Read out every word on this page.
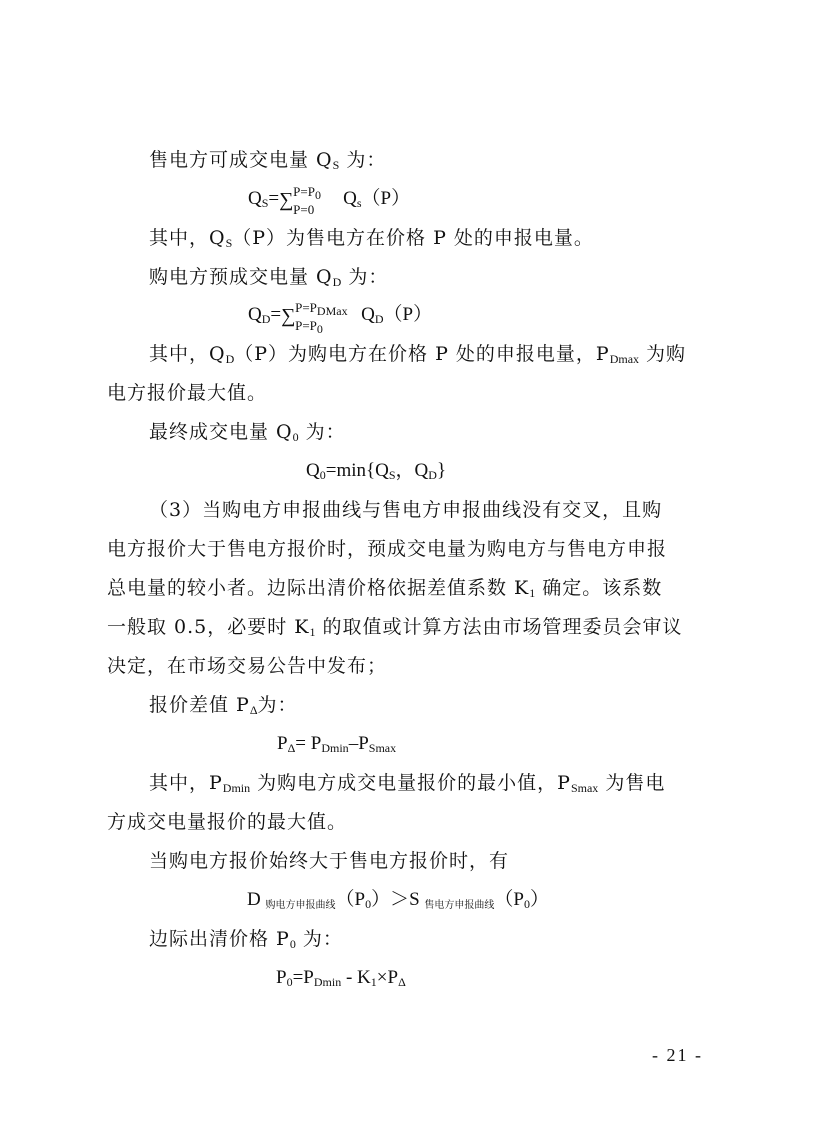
售电方可成交电量 $Q_S$ 为：
$Q_S=$ ∑ $P=P_0$
P=0
$Q_s(P)$
其中，$Q_S(P)$为售电方在价格 P 处的申报电量。
购电方预成交电量 $Q_D$ 为：
$Q_D=$ ∑ $P=P_{DMax}$
$P=P_0$
$Q_D(P)$
其中，$Q_D(P)$为购电方在价格 P 处的申报电量，$P_{Dmax}$ 为购
电方报价最大值。
最终成交电量 $Q_0$ 为：
$Q_0=\min\{Q_S$，$Q_D$}
（3）当购电方申报曲线与售电方申报曲线没有交叉，且购
电方报价大于售电方报价时，预成交电量为购电方与售电方申报
总电量的较小者。边际出清价格依据差值系数 $K_1$ 确定。该系数
一般取 0.5，必要时 $K_1$ 的取值或计算方法由市场管理委员会审议
决定，在市场交易公告中发布；
报价差值 $P_\Delta$为：
$P_\Delta= P_{Dmin}-P_{Smax}$
其中，$P_{Dmin}$ 为购电方成交电量报价的最小值，$P_{Smax}$ 为售电
方成交电量报价的最大值。
当购电方报价始终大于售电方报价时，有
D $_{购电方申报曲线}(P_0)>S$ $_{售电方申报曲线}(P_0)$
边际出清价格 $P_0$ 为：
$P_0=P_{Dmin} - K_1\times P_\Delta$
- 21 -
